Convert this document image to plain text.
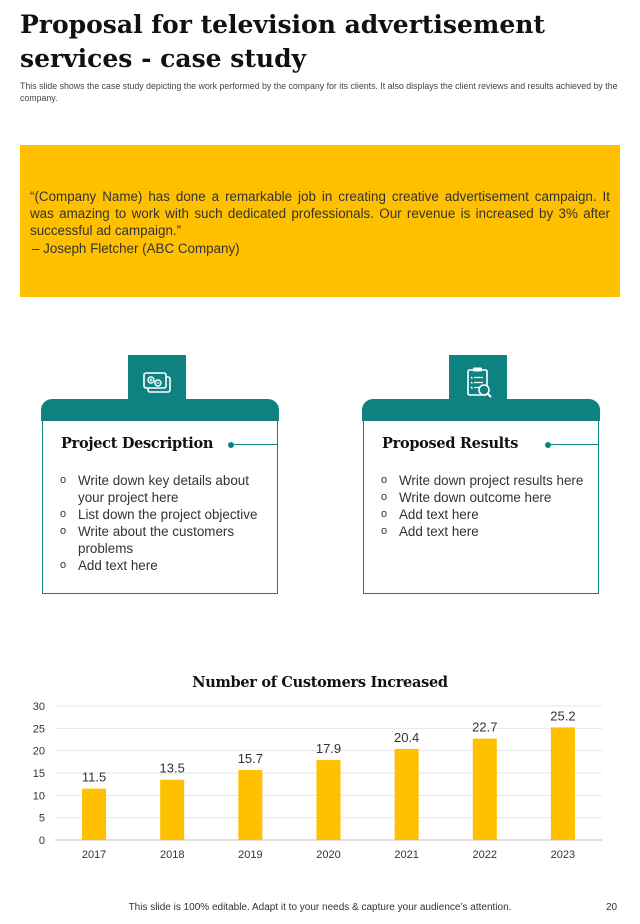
Proposal for television advertisement services - case study

This slide shows the case study depicting the work performed by the company for its clients. It also displays the client reviews and results achieved by the company.

“(Company Name) has done a remarkable job in creating creative advertisement campaign. It was amazing to work with such dedicated professionals. Our revenue is increased by 3% after successful ad campaign.”

– Joseph Fletcher (ABC Company)

Project Description
o Write down key details about your project here
o List down the project objective
o Write about the customers problems
o Add text here
Proposed Results
o Write down project results here
o Write down outcome here
o Add text here
o Add text here
Number of Customers Increased
0
5
10
15
20
25
30
11.5
2017
13.5
2018
15.7
2019
17.9
2020
20.4
2021
22.7
2022
25.2
2023

This slide is 100% editable. Adapt it to your needs & capture your audience’s attention.	20
